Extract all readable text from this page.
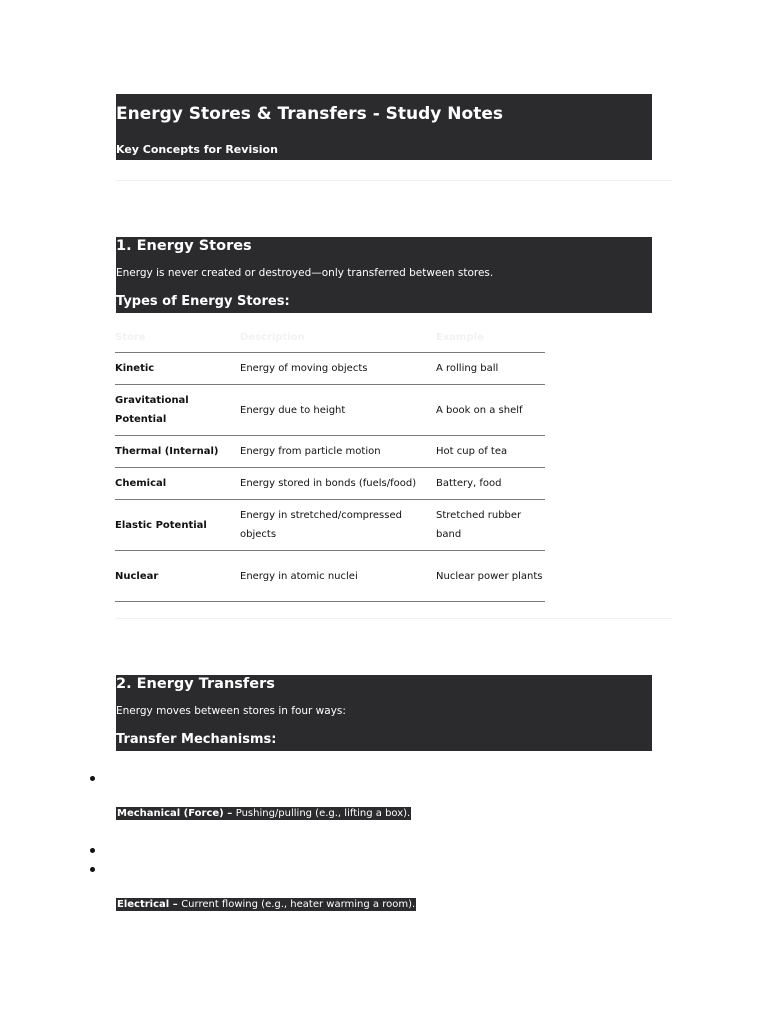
Energy Stores & Transfers - Study Notes
Key Concepts for Revision
1. Energy Stores
Energy is never created or destroyed—only transferred between stores.
Types of Energy Stores:
Store	Description	Example
Kinetic	Energy of moving objects	A rolling ball
Gravitational Potential	Energy due to height	A book on a shelf
Thermal (Internal)	Energy from particle motion	Hot cup of tea
Chemical	Energy stored in bonds (fuels/food)	Battery, food
Elastic Potential	Energy in stretched/compressed objects	Stretched rubber band
Nuclear	Energy in atomic nuclei	Nuclear power plants
2. Energy Transfers
Energy moves between stores in four ways:
Transfer Mechanisms:
Mechanical (Force) – Pushing/pulling (e.g., lifting a box).
Electrical – Current flowing (e.g., heater warming a room).
